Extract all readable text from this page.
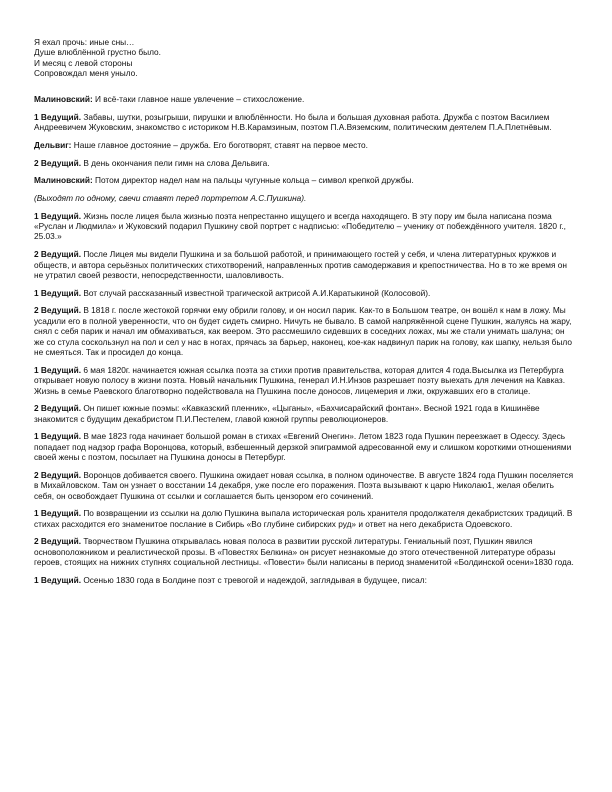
Я ехал прочь: иные сны…
Душе влюблённой грустно было.
И месяц с левой стороны
Сопровождал меня уныло.

Малиновский: И всё-таки главное наше увлечение – стихосложение.

1 Ведущий. Забавы, шутки, розыгрыши, пирушки и влюблённости. Но была и большая духовная работа. Дружба с поэтом Василием Андреевичем Жуковским, знакомство с историком Н.В.Карамзиным, поэтом П.А.Вяземским, политическим деятелем П.А.Плетнёвым.

Дельвиг: Наше главное достояние – дружба. Его боготворят, ставят на первое место.

2 Ведущий. В день окончания пели гимн на слова Дельвига.

Малиновский: Потом директор надел нам на пальцы чугунные кольца – символ крепкой дружбы.

(Выходят по одному, свечи ставят перед портретом А.С.Пушкина).

1 Ведущий. Жизнь после лицея была жизнью поэта непрестанно ищущего и всегда находящего. В эту пору им была написана поэма «Руслан и Людмила» и Жуковский подарил Пушкину свой портрет с надписью: «Победителю – ученику от побеждённого учителя. 1820 г., 25.03.»

2 Ведущий. После Лицея мы видели Пушкина и за большой работой, и принимающего гостей у себя, и члена литературных кружков и обществ, и автора серьёзных политических стихотворений, направленных против самодержавия и крепостничества. Но в то же время он не утратил своей резвости, непосредственности, шаловливость.

1 Ведущий. Вот случай рассказанный известной трагической актрисой А.И.Каратыкиной (Колосовой).

2 Ведущий. В 1818 г. после жестокой горячки ему обрили голову, и он носил парик. Как-то в Большом театре, он вошёл к нам в ложу. Мы усадили его в полной уверенности, что он будет сидеть смирно. Ничуть не бывало. В самой напряжённой сцене Пушкин, жалуясь на жару, снял с себя парик и начал им обмахиваться, как веером. Это рассмешило сидевших в соседних ложах, мы же стали унимать шалуна; он же со стула соскользнул на пол и сел у нас в ногах, прячась за барьер, наконец, кое-как надвинул парик на голову, как шапку, нельзя было не смеяться. Так и просидел до конца.

1 Ведущий. 6 мая 1820г. начинается южная ссылка поэта за стихи против правительства, которая длится 4 года.Высылка из Петербурга открывает новую полосу в жизни поэта. Новый начальник Пушкина, генерал И.Н.Инзов разрешает поэту выехать для лечения на Кавказ. Жизнь в семье Раевского благотворно подействовала на Пушкина после доносов, лицемерия и лжи, окружавших его в столице.

2 Ведущий. Он пишет южные поэмы: «Кавказский пленник», «Цыганы», «Бахчисарайский фонтан». Весной 1921 года в Кишинёве знакомится с будущим декабристом П.И.Пестелем, главой южной группы революционеров.

1 Ведущий. В мае 1823 года начинает большой роман в стихах «Евгений Онегин». Летом 1823 года Пушкин переезжает в Одессу. Здесь попадает под надзор графа Воронцова, который, взбешенный дерзкой эпиграммой адресованной ему и слишком короткими отношениями своей жены с поэтом, посылает на Пушкина доносы в Петербург.

2 Ведущий. Воронцов добивается своего. Пушкина ожидает новая ссылка, в полном одиночестве. В августе 1824 года Пушкин поселяется в Михайловском. Там он узнает о восстании 14 декабря, уже после его поражения. Поэта вызывают к царю Николаю1, желая обелить себя, он освобождает Пушкина от ссылки и соглашается быть цензором его сочинений.

1 Ведущий. По возвращении из ссылки на долю Пушкина выпала историческая роль хранителя продолжателя декабристских традиций. В стихах расходится его знаменитое послание в Сибирь «Во глубине сибирских руд» и ответ на него декабриста Одоевского.

2 Ведущий. Творчеством Пушкина открывалась новая полоса в развитии русской литературы. Гениальный поэт, Пушкин явился основоположником и реалистической прозы. В «Повестях Белкина» он рисует незнакомые до этого отечественной литературе образы героев, стоящих на нижних ступнях социальной лестницы. «Повести» были написаны в период знаменитой «Болдинской осени»1830 года.

1 Ведущий. Осенью 1830 года в Болдине поэт с тревогой и надеждой, заглядывая в будущее, писал:
